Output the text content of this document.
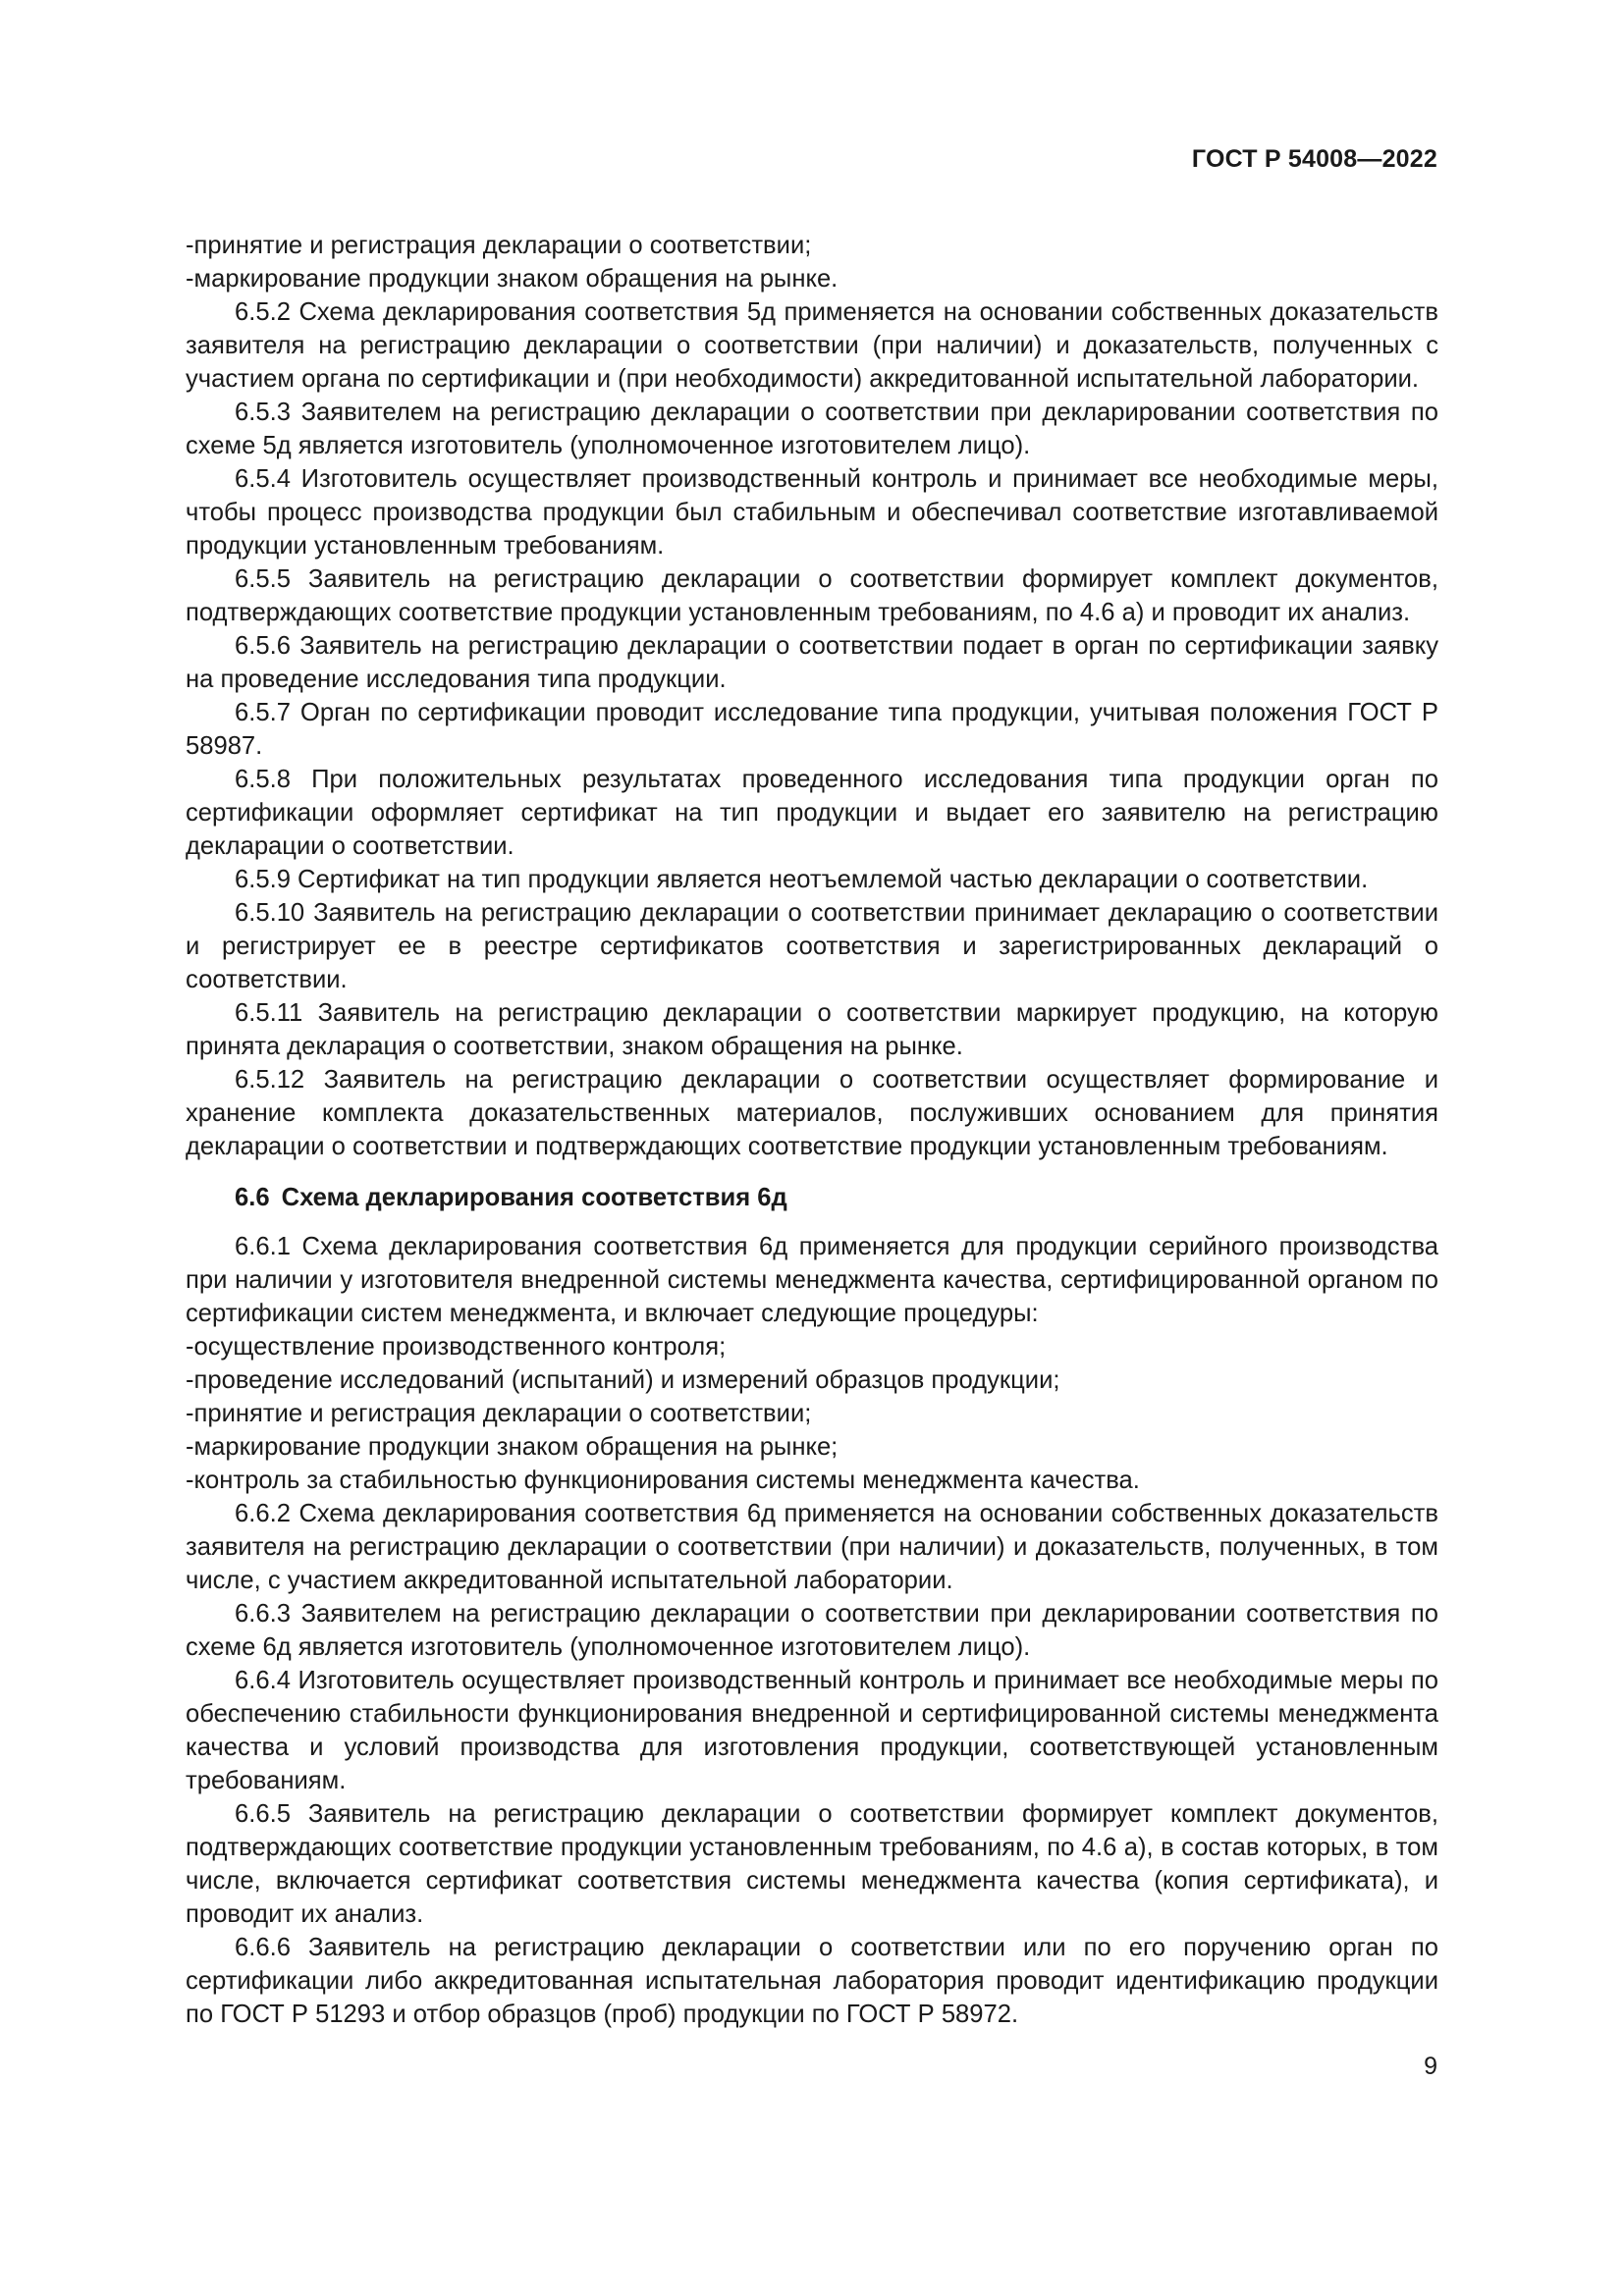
ГОСТ Р 54008—2022

-принятие и регистрация декларации о соответствии;

-маркирование продукции знаком обращения на рынке.

6.5.2 Схема декларирования соответствия 5д применяется на основании собственных доказательств заявителя на регистрацию декларации о соответствии (при наличии) и доказательств, полученных с участием органа по сертификации и (при необходимости) аккредитованной испытательной лаборатории.

6.5.3 Заявителем на регистрацию декларации о соответствии при декларировании соответствия по схеме 5д является изготовитель (уполномоченное изготовителем лицо).

6.5.4 Изготовитель осуществляет производственный контроль и принимает все необходимые меры, чтобы процесс производства продукции был стабильным и обеспечивал соответствие изготавливаемой продукции установленным требованиям.

6.5.5 Заявитель на регистрацию декларации о соответствии формирует комплект документов, подтверждающих соответствие продукции установленным требованиям, по 4.6 а) и проводит их анализ.

6.5.6 Заявитель на регистрацию декларации о соответствии подает в орган по сертификации заявку на проведение исследования типа продукции.

6.5.7 Орган по сертификации проводит исследование типа продукции, учитывая положения ГОСТ Р 58987.

6.5.8 При положительных результатах проведенного исследования типа продукции орган по сертификации оформляет сертификат на тип продукции и выдает его заявителю на регистрацию декларации о соответствии.

6.5.9 Сертификат на тип продукции является неотъемлемой частью декларации о соответствии.

6.5.10 Заявитель на регистрацию декларации о соответствии принимает декларацию о соответствии и регистрирует ее в реестре сертификатов соответствия и зарегистрированных деклараций о соответствии.

6.5.11 Заявитель на регистрацию декларации о соответствии маркирует продукцию, на которую принята декларация о соответствии, знаком обращения на рынке.

6.5.12 Заявитель на регистрацию декларации о соответствии осуществляет формирование и хранение комплекта доказательственных материалов, послуживших основанием для принятия декларации о соответствии и подтверждающих соответствие продукции установленным требованиям.

6.6 Схема декларирования соответствия 6д

6.6.1 Схема декларирования соответствия 6д применяется для продукции серийного производства при наличии у изготовителя внедренной системы менеджмента качества, сертифицированной органом по сертификации систем менеджмента, и включает следующие процедуры:

-осуществление производственного контроля;

-проведение исследований (испытаний) и измерений образцов продукции;

-принятие и регистрация декларации о соответствии;

-маркирование продукции знаком обращения на рынке;

-контроль за стабильностью функционирования системы менеджмента качества.

6.6.2 Схема декларирования соответствия 6д применяется на основании собственных доказательств заявителя на регистрацию декларации о соответствии (при наличии) и доказательств, полученных, в том числе, с участием аккредитованной испытательной лаборатории.

6.6.3 Заявителем на регистрацию декларации о соответствии при декларировании соответствия по схеме 6д является изготовитель (уполномоченное изготовителем лицо).

6.6.4 Изготовитель осуществляет производственный контроль и принимает все необходимые меры по обеспечению стабильности функционирования внедренной и сертифицированной системы менеджмента качества и условий производства для изготовления продукции, соответствующей установленным требованиям.

6.6.5 Заявитель на регистрацию декларации о соответствии формирует комплект документов, подтверждающих соответствие продукции установленным требованиям, по 4.6 а), в состав которых, в том числе, включается сертификат соответствия системы менеджмента качества (копия сертификата), и проводит их анализ.

6.6.6 Заявитель на регистрацию декларации о соответствии или по его поручению орган по сертификации либо аккредитованная испытательная лаборатория проводит идентификацию продукции по ГОСТ Р 51293 и отбор образцов (проб) продукции по ГОСТ Р 58972.

9
